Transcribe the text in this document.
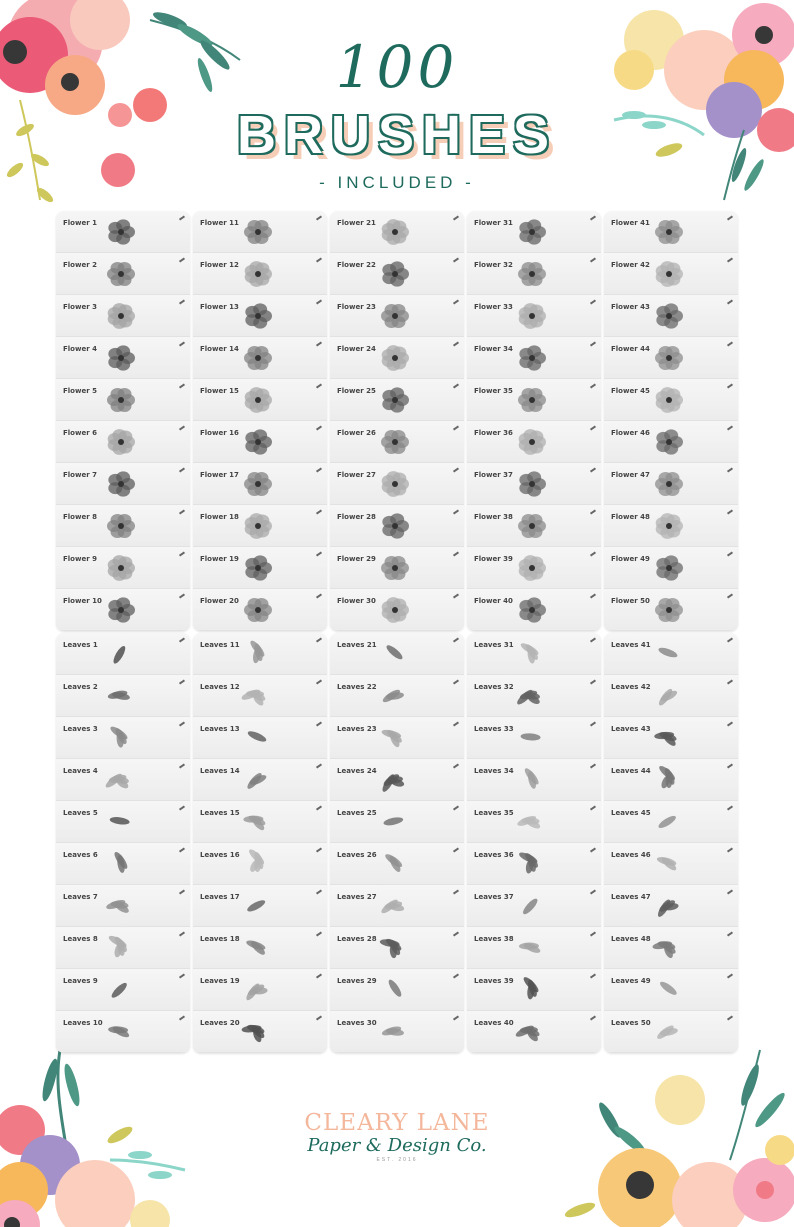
100
BRUSHES
- INCLUDED -
Flower 1
Flower 2
Flower 3
Flower 4
Flower 5
Flower 6
Flower 7
Flower 8
Flower 9
Flower 10
Flower 11
Flower 12
Flower 13
Flower 14
Flower 15
Flower 16
Flower 17
Flower 18
Flower 19
Flower 20
Flower 21
Flower 22
Flower 23
Flower 24
Flower 25
Flower 26
Flower 27
Flower 28
Flower 29
Flower 30
Flower 31
Flower 32
Flower 33
Flower 34
Flower 35
Flower 36
Flower 37
Flower 38
Flower 39
Flower 40
Flower 41
Flower 42
Flower 43
Flower 44
Flower 45
Flower 46
Flower 47
Flower 48
Flower 49
Flower 50
Leaves 1
Leaves 2
Leaves 3
Leaves 4
Leaves 5
Leaves 6
Leaves 7
Leaves 8
Leaves 9
Leaves 10
Leaves 11
Leaves 12
Leaves 13
Leaves 14
Leaves 15
Leaves 16
Leaves 17
Leaves 18
Leaves 19
Leaves 20
Leaves 21
Leaves 22
Leaves 23
Leaves 24
Leaves 25
Leaves 26
Leaves 27
Leaves 28
Leaves 29
Leaves 30
Leaves 31
Leaves 32
Leaves 33
Leaves 34
Leaves 35
Leaves 36
Leaves 37
Leaves 38
Leaves 39
Leaves 40
Leaves 41
Leaves 42
Leaves 43
Leaves 44
Leaves 45
Leaves 46
Leaves 47
Leaves 48
Leaves 49
Leaves 50
CLEARY LANE
Paper & Design Co.
EST. 2016
